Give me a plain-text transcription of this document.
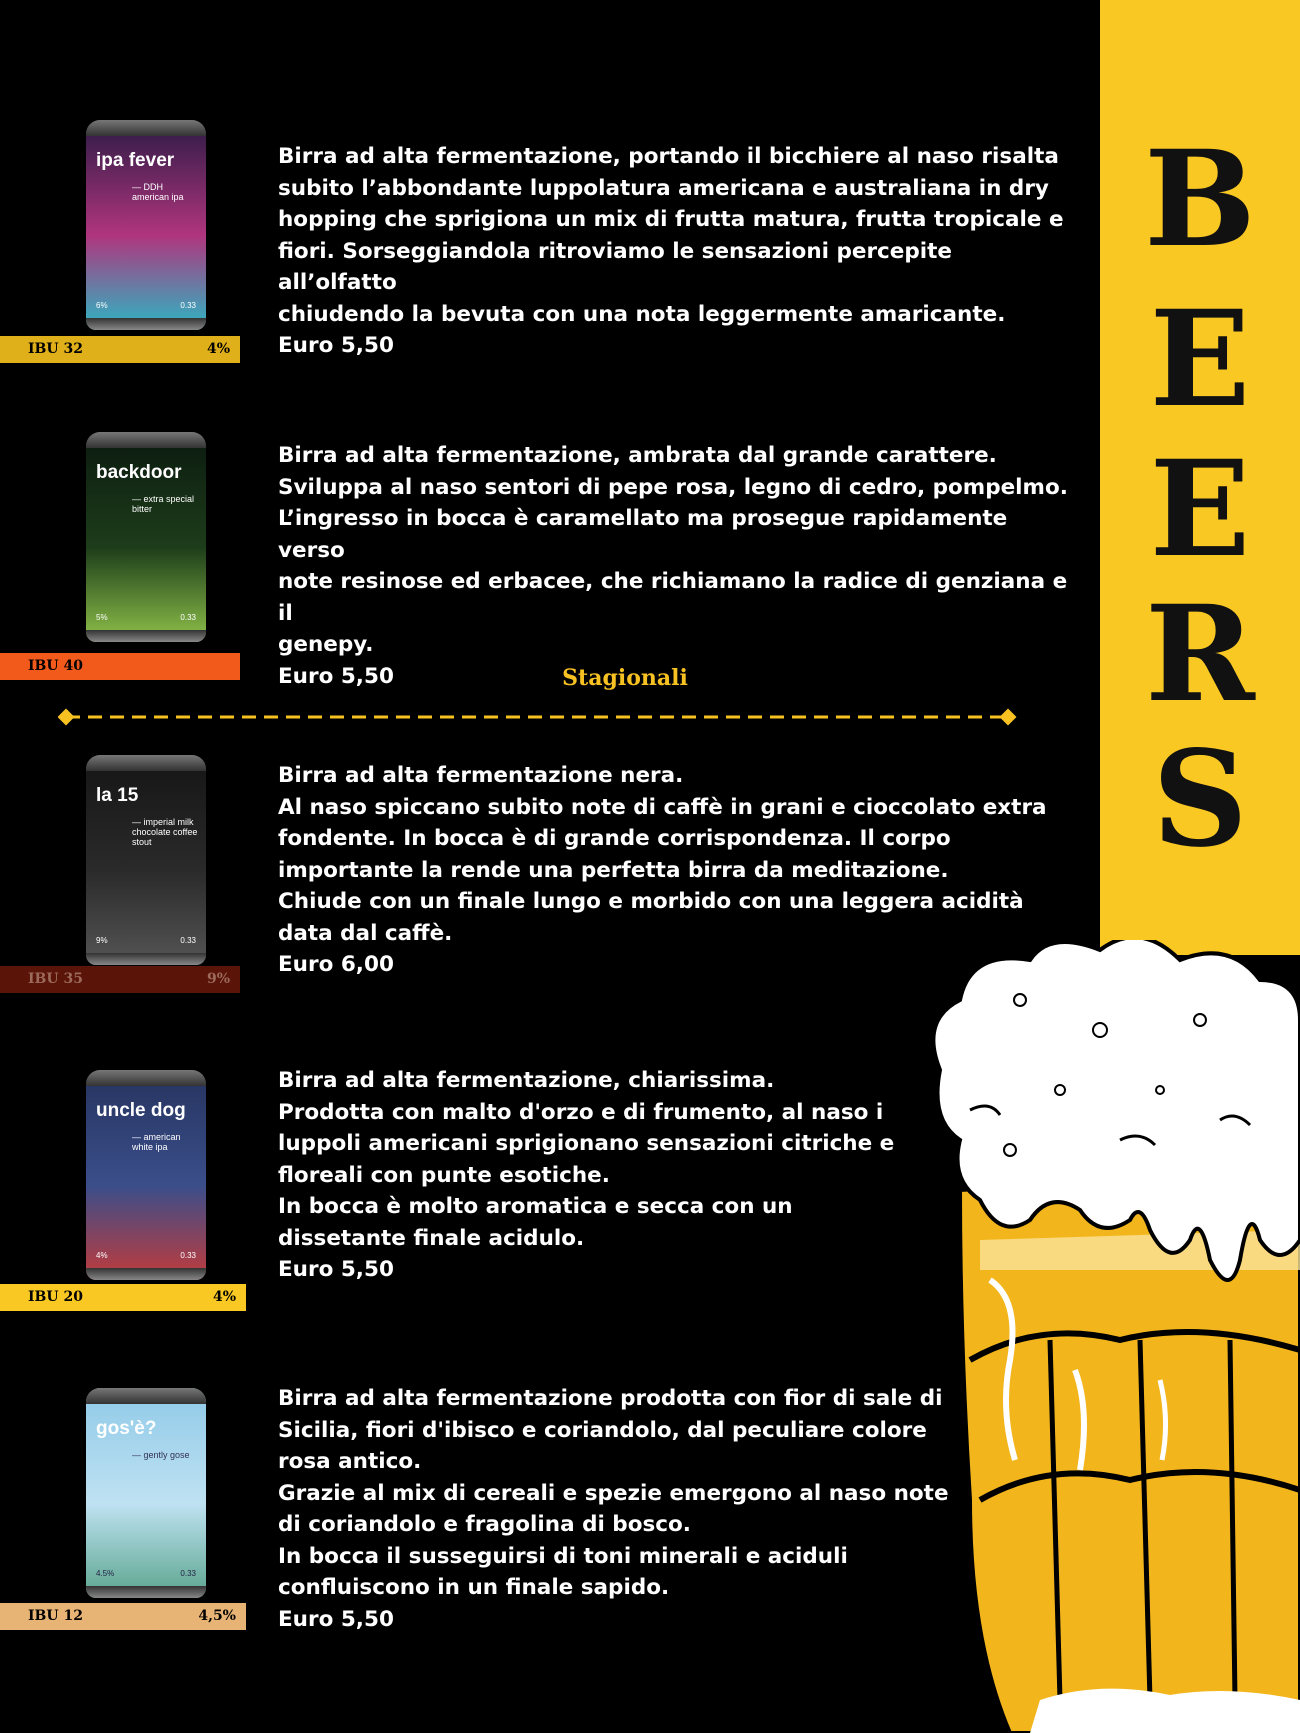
B
E
E
R
S
Stagionali
ipa fever
— DDH american ipa
6%	0.33
IBU 32	4%

Birra ad alta fermentazione, portando il bicchiere al naso risalta

subito l’abbondante luppolatura americana e australiana in dry

hopping che sprigiona un mix di frutta matura, frutta tropicale e

fiori. Sorseggiandola ritroviamo le sensazioni percepite all’olfatto

chiudendo la bevuta con una nota leggermente amaricante.

Euro 5,50

backdoor
— extra special bitter
5%	0.33
IBU 40

Birra ad alta fermentazione, ambrata dal grande carattere.

Sviluppa al naso sentori di pepe rosa, legno di cedro, pompelmo.

L’ingresso in bocca è caramellato ma prosegue rapidamente verso

note resinose ed erbacee, che richiamano la radice di genziana e il

genepy.

Euro 5,50

la 15
— imperial milk chocolate coffee stout
9%	0.33
IBU 35	9%

Birra ad alta fermentazione nera.

Al naso spiccano subito note di caffè in grani e cioccolato extra

fondente. In bocca è di grande corrispondenza. Il corpo

importante la rende una perfetta birra da meditazione.

Chiude con un finale lungo e morbido con una leggera acidità

data dal caffè.

Euro 6,00

uncle dog
— american white ipa
4%	0.33
IBU 20	4%

Birra ad alta fermentazione, chiarissima.

Prodotta con malto d'orzo e di frumento, al naso i

luppoli americani sprigionano sensazioni citriche e

floreali con punte esotiche.

In bocca è molto aromatica e secca con un

dissetante finale acidulo.

Euro 5,50

gos'è?
— gently gose
4.5%	0.33
IBU 12	4,5%

Birra ad alta fermentazione prodotta con fior di sale di

Sicilia, fiori d'ibisco e coriandolo, dal peculiare colore

rosa antico.

Grazie al mix di cereali e spezie emergono al naso note

di coriandolo e fragolina di bosco.

In bocca il susseguirsi di toni minerali e aciduli

confluiscono in un finale sapido.

Euro 5,50
